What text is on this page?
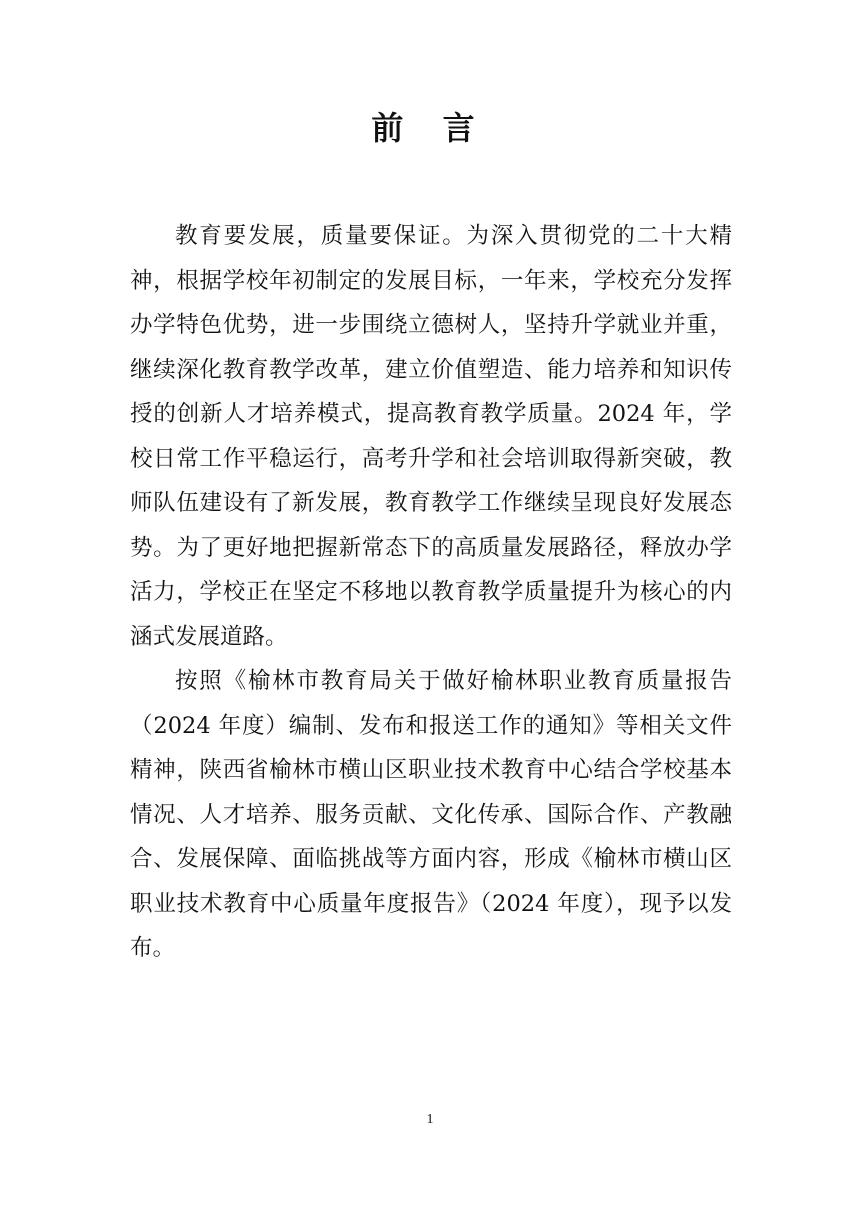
前 言

教育要发展，质量要保证。为深入贯彻党的二十大精神，根据学校年初制定的发展目标，一年来，学校充分发挥办学特色优势，进一步围绕立德树人，坚持升学就业并重，继续深化教育教学改革，建立价值塑造、能力培养和知识传授的创新人才培养模式，提高教育教学质量。2024 年，学校日常工作平稳运行，高考升学和社会培训取得新突破，教师队伍建设有了新发展，教育教学工作继续呈现良好发展态势。为了更好地把握新常态下的高质量发展路径，释放办学活力，学校正在坚定不移地以教育教学质量提升为核心的内涵式发展道路。

按照《榆林市教育局关于做好榆林职业教育质量报告（2024 年度）编制、发布和报送工作的通知》等相关文件精神，陕西省榆林市横山区职业技术教育中心结合学校基本情况、人才培养、服务贡献、文化传承、国际合作、产教融合、发展保障、面临挑战等方面内容，形成《榆林市横山区职业技术教育中心质量年度报告》（2024 年度），现予以发布。

1
